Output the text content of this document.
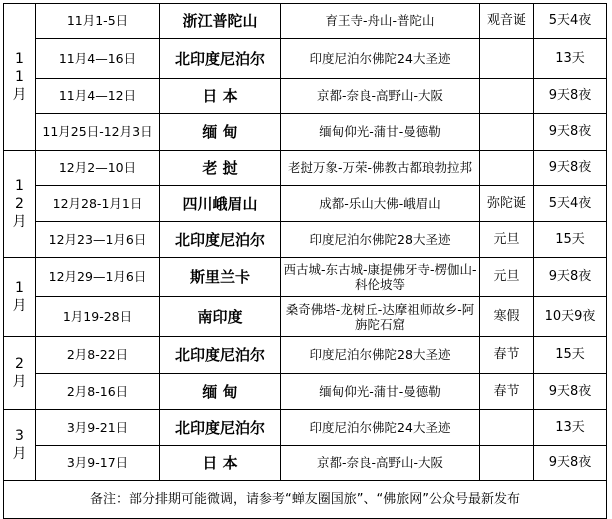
11月	11月1-5日	浙江普陀山	育王寺-舟山-普陀山	观音诞	5天4夜
	11月4—16日	北印度尼泊尔	印度尼泊尔佛陀24大圣迹		13天
	11月4—12日	日 本	京都-奈良-高野山-大阪		9天8夜
	11月25日-12月3日	缅 甸	缅甸仰光-蒲甘-曼德勒		9天8夜

12月	12月2—10日	老 挝	老挝万象-万荣-佛教古都琅勃拉邦		9天8夜
	12月28-1月1日	四川峨眉山	成都-乐山大佛-峨眉山	弥陀诞	5天4夜
	12月23—1月6日	北印度尼泊尔	印度尼泊尔佛陀28大圣迹	元旦	15天

1月	12月29—1月6日	斯里兰卡	西古城-东古城-康提佛牙寺-楞伽山-科伦坡等	元旦	9天8夜
	1月19-28日	南印度	桑奇佛塔-龙树丘-达摩祖师故乡-阿旃陀石窟	寒假	10天9夜

2月	2月8-22日	北印度尼泊尔	印度尼泊尔佛陀28大圣迹	春节	15天
	2月8-16日	缅 甸	缅甸仰光-蒲甘-曼德勒	春节	9天8夜

3月	3月9-21日	北印度尼泊尔	印度尼泊尔佛陀24大圣迹		13天
	3月9-17日	日 本	京都-奈良-高野山-大阪		9天8夜
备注：部分排期可能微调，请参考“蝉友圈国旅”、“佛旅网”公众号最新发布					
